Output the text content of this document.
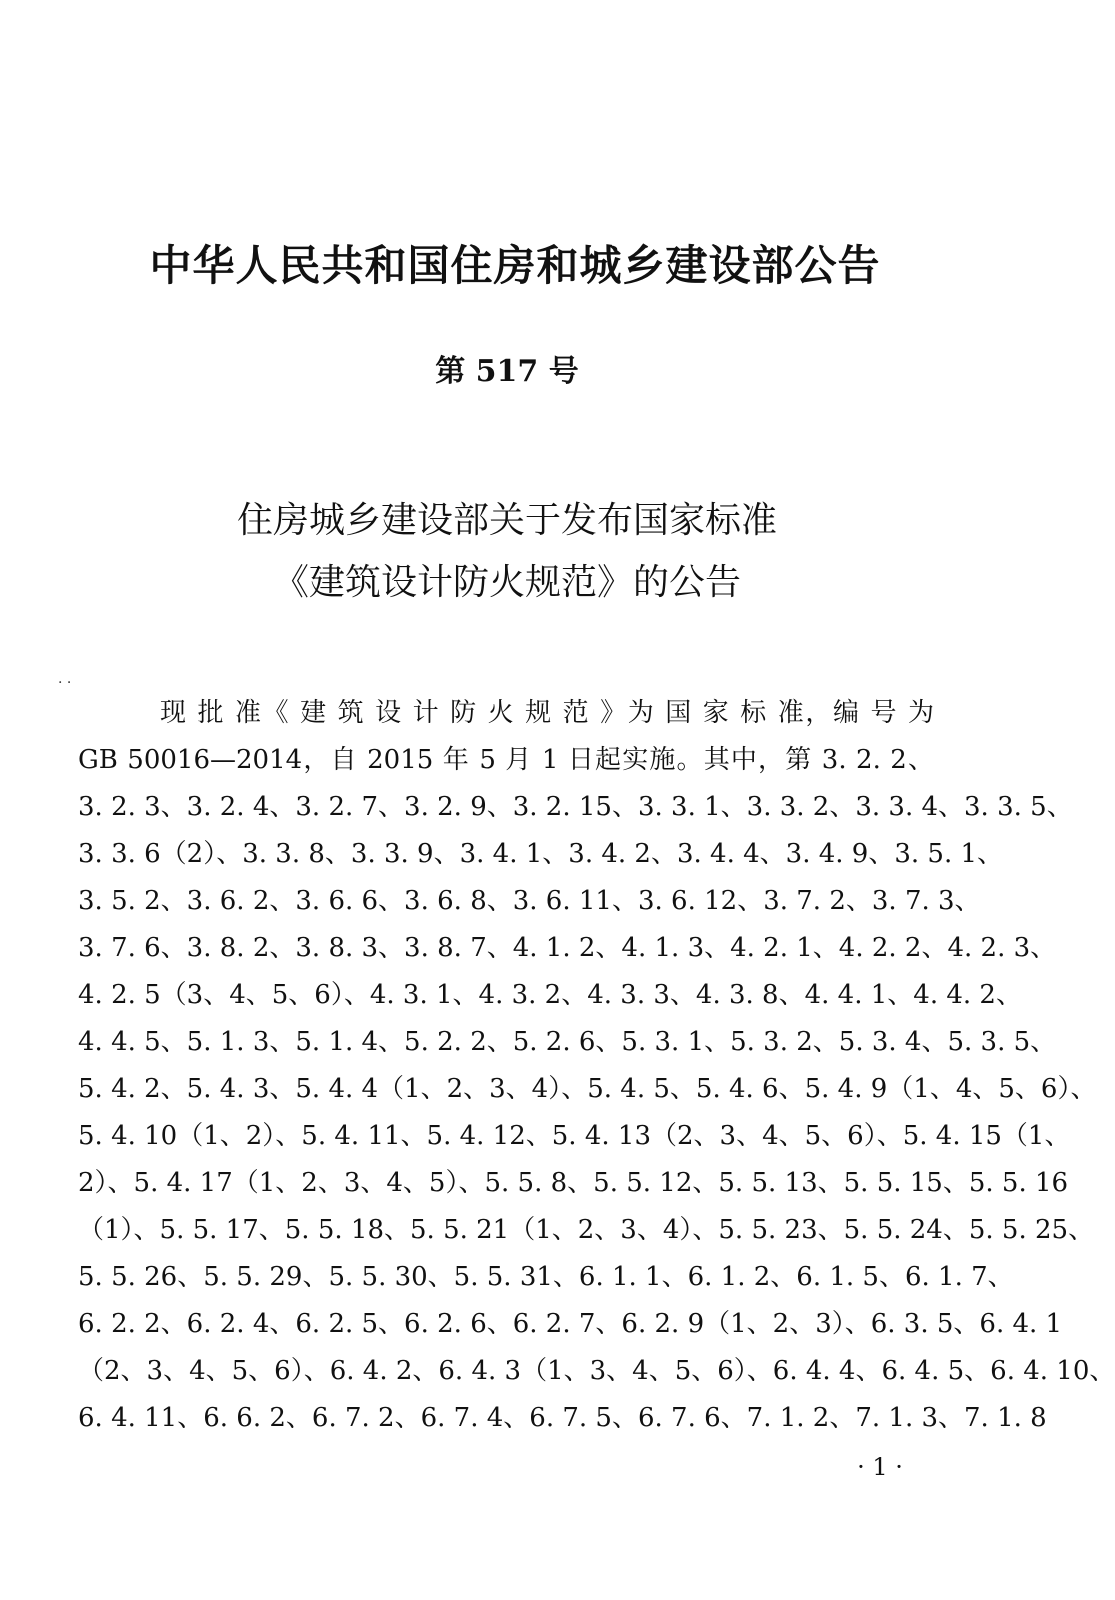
中华人民共和国住房和城乡建设部公告
第 517 号
住房城乡建设部关于发布国家标准
《建筑设计防火规范》的公告
· ·
现 批 准《 建 筑 设 计 防 火 规 范 》为 国 家 标 准，编 号 为
GB 50016—2014，自 2015 年 5 月 1 日起实施。其中，第 3. 2. 2、
3. 2. 3、3. 2. 4、3. 2. 7、3. 2. 9、3. 2. 15、3. 3. 1、3. 3. 2、3. 3. 4、3. 3. 5、
3. 3. 6（2）、3. 3. 8、3. 3. 9、3. 4. 1、3. 4. 2、3. 4. 4、3. 4. 9、3. 5. 1、
3. 5. 2、3. 6. 2、3. 6. 6、3. 6. 8、3. 6. 11、3. 6. 12、3. 7. 2、3. 7. 3、
3. 7. 6、3. 8. 2、3. 8. 3、3. 8. 7、4. 1. 2、4. 1. 3、4. 2. 1、4. 2. 2、4. 2. 3、
4. 2. 5（3、4、5、6）、4. 3. 1、4. 3. 2、4. 3. 3、4. 3. 8、4. 4. 1、4. 4. 2、
4. 4. 5、5. 1. 3、5. 1. 4、5. 2. 2、5. 2. 6、5. 3. 1、5. 3. 2、5. 3. 4、5. 3. 5、
5. 4. 2、5. 4. 3、5. 4. 4（1、2、3、4）、5. 4. 5、5. 4. 6、5. 4. 9（1、4、5、6）、
5. 4. 10（1、2）、5. 4. 11、5. 4. 12、5. 4. 13（2、3、4、5、6）、5. 4. 15（1、
2）、5. 4. 17（1、2、3、4、5）、5. 5. 8、5. 5. 12、5. 5. 13、5. 5. 15、5. 5. 16
（1）、5. 5. 17、5. 5. 18、5. 5. 21（1、2、3、4）、5. 5. 23、5. 5. 24、5. 5. 25、
5. 5. 26、5. 5. 29、5. 5. 30、5. 5. 31、6. 1. 1、6. 1. 2、6. 1. 5、6. 1. 7、
6. 2. 2、6. 2. 4、6. 2. 5、6. 2. 6、6. 2. 7、6. 2. 9（1、2、3）、6. 3. 5、6. 4. 1
（2、3、4、5、6）、6. 4. 2、6. 4. 3（1、3、4、5、6）、6. 4. 4、6. 4. 5、6. 4. 10、
6. 4. 11、6. 6. 2、6. 7. 2、6. 7. 4、6. 7. 5、6. 7. 6、7. 1. 2、7. 1. 3、7. 1. 8
· 1 ·
